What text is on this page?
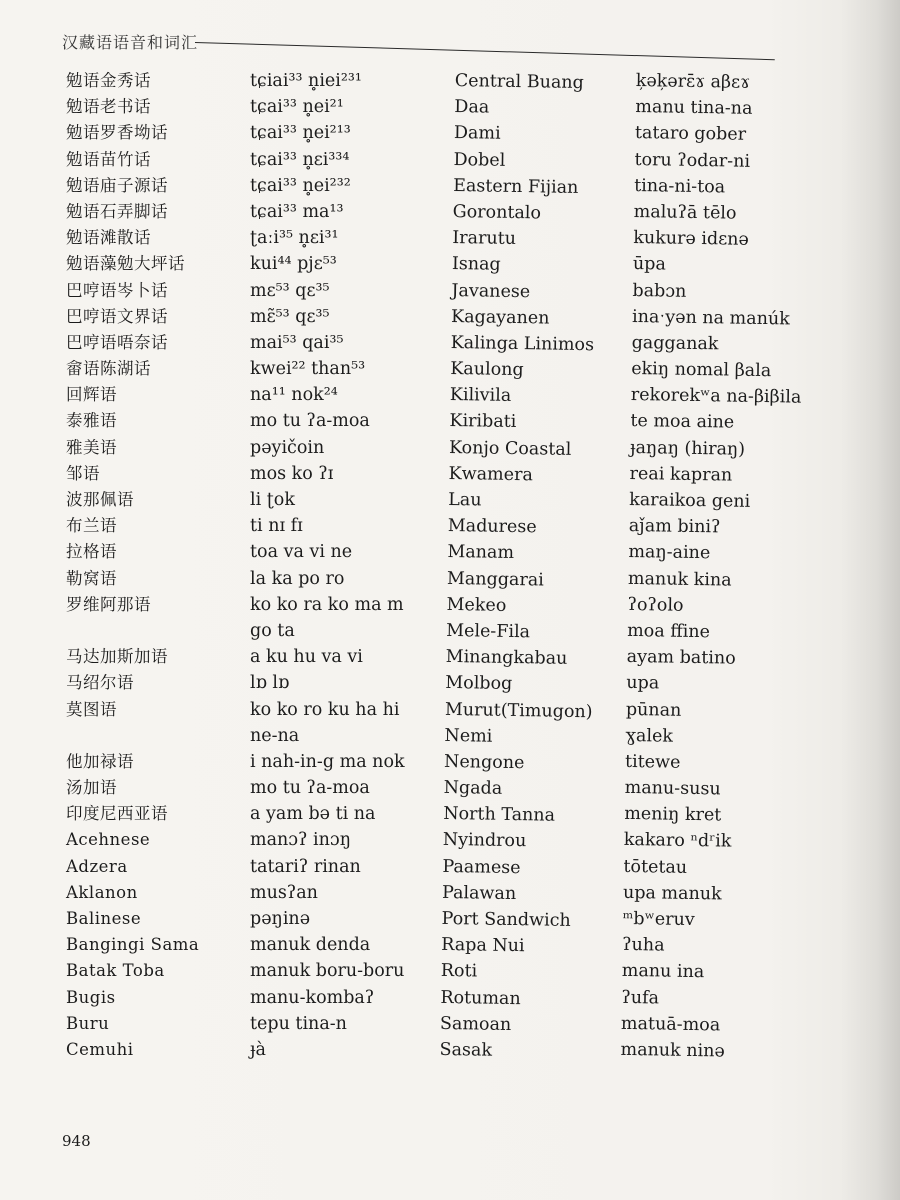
汉藏语语音和词汇
勉语金秀话
勉语老书话
勉语罗香坳话
勉语苗竹话
勉语庙子源话
勉语石弄脚话
勉语滩散话
勉语藻勉大坪话
巴哼语岑卜话
巴哼语文界话
巴哼语唔奈话
畲语陈湖话
回辉语
泰雅语
雅美语
邹语
波那佩语
布兰语
拉格语
勒窝语
罗维阿那语
马达加斯加语
马绍尔语
莫图语
他加禄语
汤加语
印度尼西亚语
Acehnese
Adzera
Aklanon
Balinese
Bangingi Sama
Batak Toba
Bugis
Buru
Cemuhi
tɕiai³³ n̥iei²³¹
tɕai³³ n̥ei²¹
tɕai³³ n̥ei²¹³
tɕai³³ n̥ɛi³³⁴
tɕai³³ n̥ei²³²
tɕai³³ ma¹³
ʈaːi³⁵ n̥ɛi³¹
kui⁴⁴ pjɛ⁵³
mɛ⁵³ qɛ³⁵
mɛ̃⁵³ qɛ³⁵
mai⁵³ qai³⁵
kwei²² than⁵³
na¹¹ nok²⁴
mo tu ʔa-moa
pəyičoin
mos ko ʔɪ
li ʈok
ti nɪ fɪ
toa va vi ne
la ka po ro
ko ko ra ko ma m
go ta
a ku hu va vi
lɒ lɒ
ko ko ro ku ha hi
ne-na
i nah-in-g ma nok
mo tu ʔa-moa
a yam bə ti na
manɔʔ inɔŋ
tatariʔ rinan
musʔan
pəŋinə
manuk denda
manuk boru-boru
manu-kombaʔ
tepu tina-n
ɟà
Central Buang
Daa
Dami
Dobel
Eastern Fijian
Gorontalo
Irarutu
Isnag
Javanese
Kagayanen
Kalinga Linimos
Kaulong
Kilivila
Kiribati
Konjo Coastal
Kwamera
Lau
Madurese
Manam
Manggarai
Mekeo
Mele-Fila
Minangkabau
Molbog
Murut(Timugon)
Nemi
Nengone
Ngada
North Tanna
Nyindrou
Paamese
Palawan
Port Sandwich
Rapa Nui
Roti
Rotuman
Samoan
Sasak
k̦ək̦ərɛ̄ɤ aβɛɤ
manu tina-na
tataro gober
toru ʔodar-ni
tina-ni-toa
maluʔā tēlo
kukurə idɛnə
ūpa
babɔn
inaˑyən na manúk
gagganak
ekiŋ nomal βala
rekorekʷa na-βiβila
te moa aine
ɟaŋaŋ (hiraŋ)
reai kapran
karaikoa geni
aǰam biniʔ
maŋ-aine
manuk kina
ʔoʔolo
moa ffine
ayam batino
upa
pūnan
ɣalek
titewe
manu-susu
meniŋ kret
kakaro ⁿdʳik
tōtetau
upa manuk
ᵐbʷeruv
ʔuha
manu ina
ʔufa
matuā-moa
manuk ninə
948
